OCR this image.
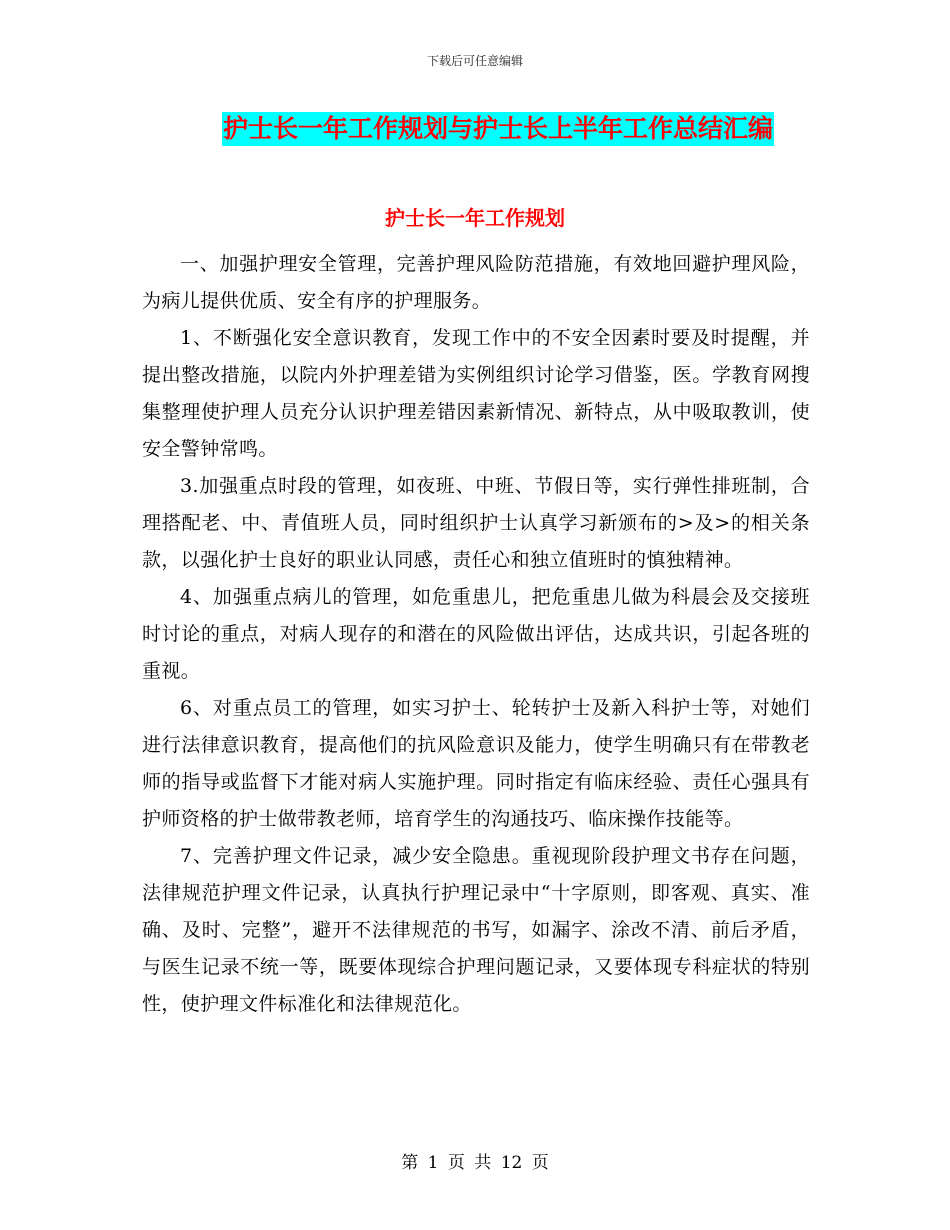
下载后可任意编辑
护士长一年工作规划与护士长上半年工作总结汇编
护士长一年工作规划

一、加强护理安全管理，完善护理风险防范措施，有效地回避护理风险，为病儿提供优质、安全有序的护理服务。

1、不断强化安全意识教育，发现工作中的不安全因素时要及时提醒，并提出整改措施，以院内外护理差错为实例组织讨论学习借鉴，医。学教育网搜集整理使护理人员充分认识护理差错因素新情况、新特点，从中吸取教训，使安全警钟常鸣。

3.加强重点时段的管理，如夜班、中班、节假日等，实行弹性排班制，合理搭配老、中、青值班人员，同时组织护士认真学习新颁布的>及>的相关条款，以强化护士良好的职业认同感，责任心和独立值班时的慎独精神。

4、加强重点病儿的管理，如危重患儿，把危重患儿做为科晨会及交接班时讨论的重点，对病人现存的和潜在的风险做出评估，达成共识，引起各班的重视。

6、对重点员工的管理，如实习护士、轮转护士及新入科护士等，对她们进行法律意识教育，提高他们的抗风险意识及能力，使学生明确只有在带教老师的指导或监督下才能对病人实施护理。同时指定有临床经验、责任心强具有护师资格的护士做带教老师，培育学生的沟通技巧、临床操作技能等。

7、完善护理文件记录，减少安全隐患。重视现阶段护理文书存在问题，法律规范护理文件记录，认真执行护理记录中“十字原则，即客观、真实、准确、及时、完整”，避开不法律规范的书写，如漏字、涂改不清、前后矛盾，与医生记录不统一等，既要体现综合护理问题记录，又要体现专科症状的特别性，使护理文件标准化和法律规范化。

第 1 页 共 12 页
